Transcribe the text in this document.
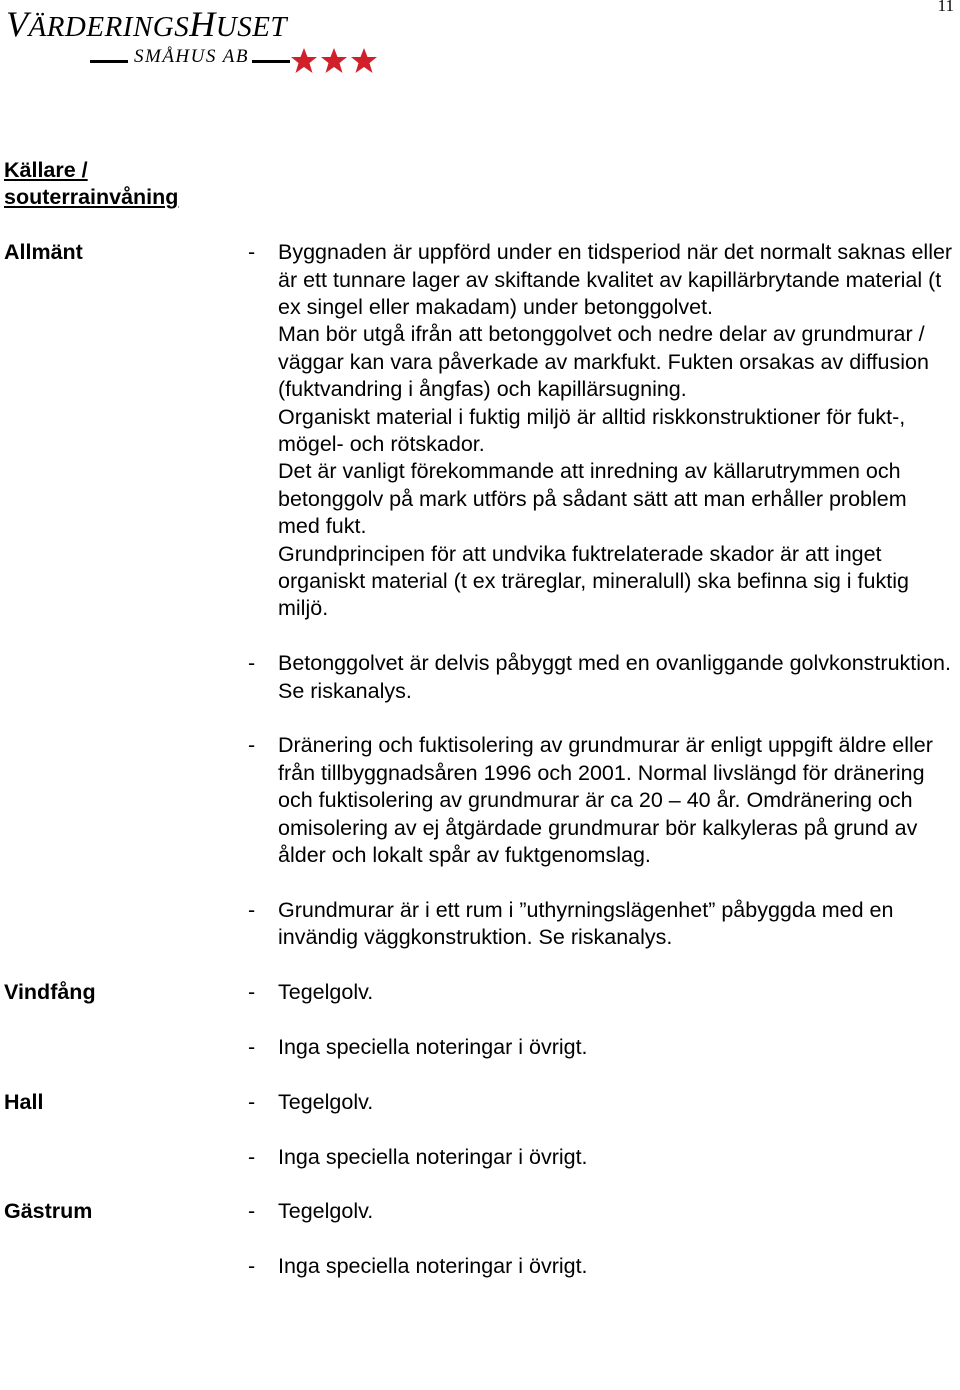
11
VÄRDERINGSHUSET
SMÅHUS AB
Källare / souterrainvåning
Allmänt	-	Byggnaden är uppförd under en tidsperiod när det normalt saknas eller är ett tunnare lager av skiftande kvalitet av kapillärbrytande material (t ex singel eller makadam) under betonggolvet.

Man bör utgå ifrån att betonggolvet och nedre delar av grundmurar / väggar kan vara påverkade av markfukt. Fukten orsakas av diffusion (fuktvandring i ångfas) och kapillärsugning.

Organiskt material i fuktig miljö är alltid riskkonstruktioner för fukt-, mögel- och rötskador.

Det är vanligt förekommande att inredning av källarutrymmen och betonggolv på mark utförs på sådant sätt att man erhåller problem med fukt.

Grundprincipen för att undvika fuktrelaterade skador är att inget organiskt material (t ex träreglar, mineralull) ska befinna sig i fuktig miljö.

-	Betonggolvet är delvis påbyggt med en ovanliggande golvkonstruktion. Se riskanalys.

-	Dränering och fuktisolering av grundmurar är enligt uppgift äldre eller från tillbyggnadsåren 1996 och 2001. Normal livslängd för dränering och fuktisolering av grundmurar är ca 20 – 40 år. Omdränering och omisolering av ej åtgärdade grundmurar bör kalkyleras på grund av ålder och lokalt spår av fuktgenomslag.

-	Grundmurar är i ett rum i ”uthyrningslägenhet” påbyggda med en invändig väggkonstruktion. Se riskanalys.

Vindfång	-	Tegelgolv.

-	Inga speciella noteringar i övrigt.

Hall	-	Tegelgolv.

-	Inga speciella noteringar i övrigt.

Gästrum	-	Tegelgolv.

-	Inga speciella noteringar i övrigt.
